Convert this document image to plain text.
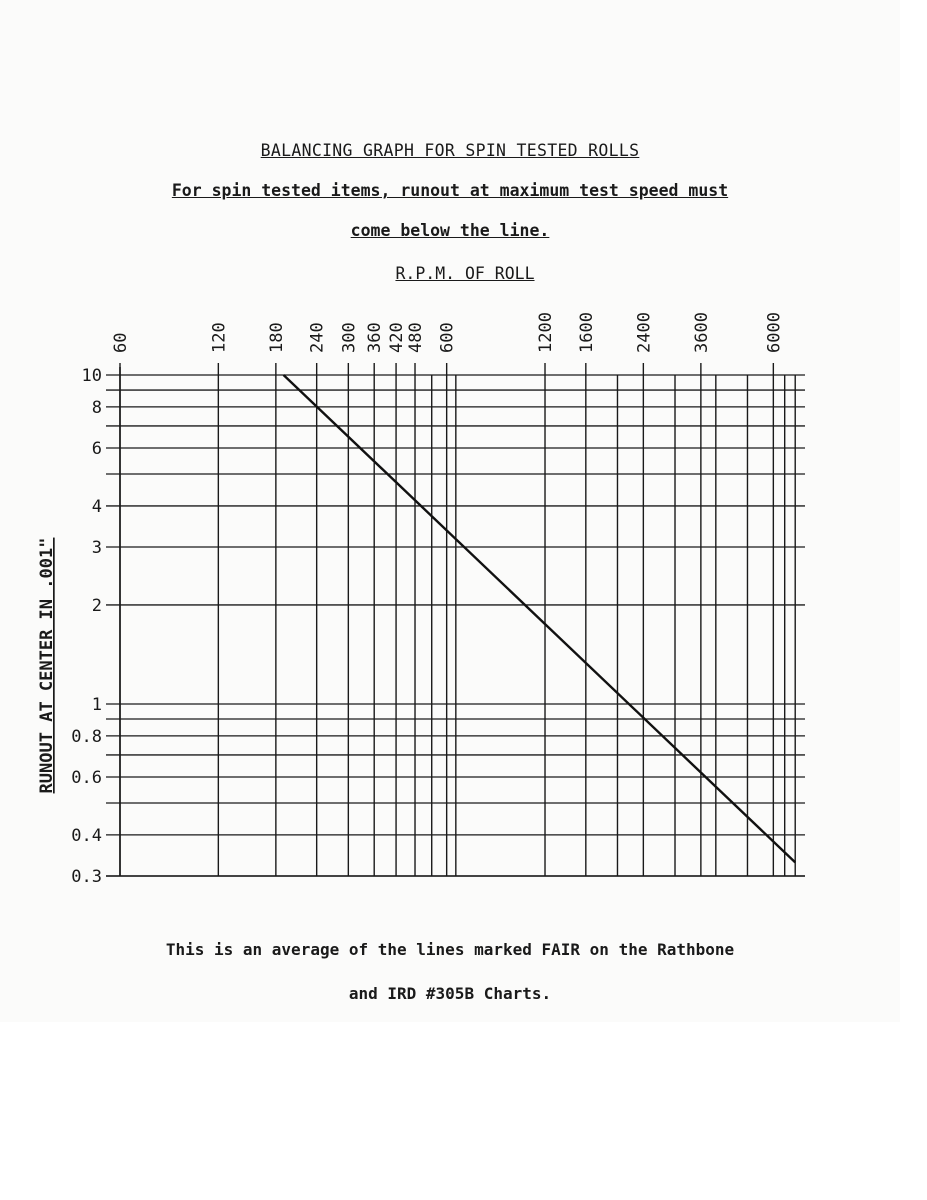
BALANCING GRAPH FOR SPIN TESTED ROLLS
For spin tested items, runout at maximum test speed must
come below the line.
R.P.M. OF ROLL
60	120 180 240 300 360 420
480 600	1200 1600 2400 3600	6000
10
8
6
4
3
2
1
0.8
0.6
0.4
0.3
RUNOUT AT CENTER IN .001"
This is an average of the lines marked FAIR on the Rathbone
and IRD #305B Charts.
